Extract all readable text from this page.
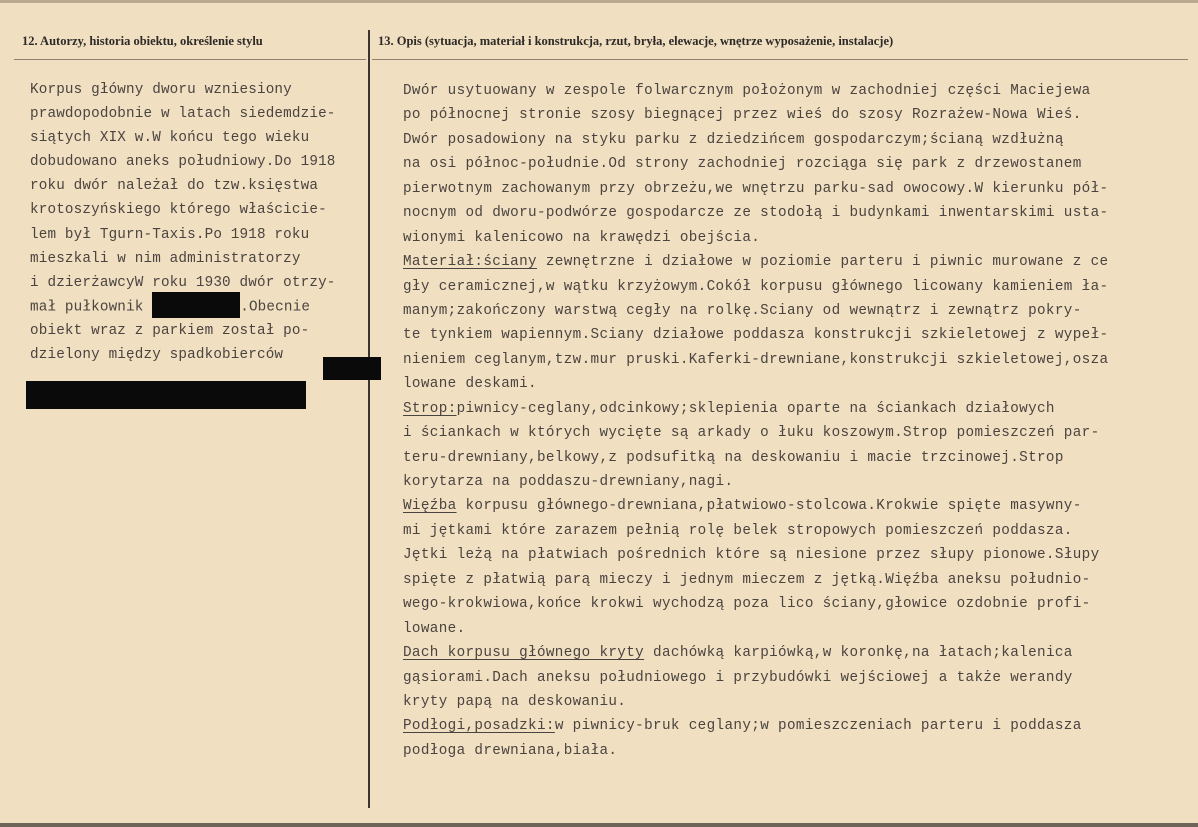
12. Autorzy, historia obiektu, określenie stylu	13. Opis (sytuacja, materiał i konstrukcja, rzut, bryła, elewacje, wnętrze wyposażenie, instalacje)
Korpus główny dworu wzniesiony
prawdopodobnie w latach siedemdzie-
siątych XIX w.W końcu tego wieku
dobudowano aneks południowy.Do 1918
roku dwór należał do tzw.księstwa
krotoszyńskiego którego właściciе-
lem był Tgurn-Taxis.Po 1918 roku
mieszkali w nim administratorzy
i dzierżawcyW roku 1930 dwór otrzy-
mał pułkownik	.Obecnie
obiekt wraz z parkiem został po-
dzielony między spadkobierców
Dwór usytuowany w zespole folwarcznym położonym w zachodniej części Maciejewa
po północnej stronie szosy biegnącej przez wieś do szosy Rozrażew-Nowa Wieś.
Dwór posadowiony na styku parku z dziedzińcem gospodarczym;ścianą wzdłużną
na osi północ-południe.Od strony zachodniej rozciąga się park z drzewostanem
pierwotnym zachowanym przy obrzeżu,we wnętrzu parku-sad owocowy.W kierunku pół-
nocnym od dworu-podwórze gospodarcze ze stodołą i budynkami inwentarskimi usta-
wionymi kalenicowo na krawędzi obejścia.
Materiał:ściany zewnętrzne i działowe w poziomie parteru i piwnic murowane z ce
gły ceramicznej,w wątku krzyżowym.Cokół korpusu głównego licowany kamieniem ła-
manym;zakończony warstwą cegły na rolkę.Sciany od wewnątrz i zewnątrz pokry-
te tynkiem wapiennym.Sciany działowe poddasza konstrukcji szkieletowej z wypeł-
nieniem ceglanym,tzw.mur pruski.Kaferki-drewniane,konstrukcji szkieletowej,osza
lowane deskami.
Strop:piwnicy-ceglany,odcinkowy;sklepienia oparte na ściankach działowych
i ściankach w których wycięte są arkady o łuku koszowym.Strop pomieszczeń par-
teru-drewniany,belkowy,z podsufitką na deskowaniu i macie trzcinowej.Strop
korytarza na poddaszu-drewniany,nagi.
Więźba korpusu głównego-drewniana,płatwiowo-stolcowa.Krokwie spięte masywny-
mi jętkami które zarazem pełnią rolę belek stropowych pomieszczeń poddasza.
Jętki leżą na płatwiach pośrednich które są niesione przez słupy pionowe.Słupy
spięte z płatwią parą mieczy i jednym mieczem z jętką.Więźba aneksu południo-
wego-krokwiowa,końce krokwi wychodzą poza lico ściany,głowice ozdobnie profi-
lowane.
Dach korpusu głównego kryty dachówką karpiówką,w koronkę,na łatach;kalenica
gąsiorami.Dach aneksu południowego i przybudówki wejściowej a także werandy
kryty papą na deskowaniu.
Podłogi,posadzki:w piwnicy-bruk ceglany;w pomieszczeniach parteru i poddasza
podłoga drewniana,biała.
